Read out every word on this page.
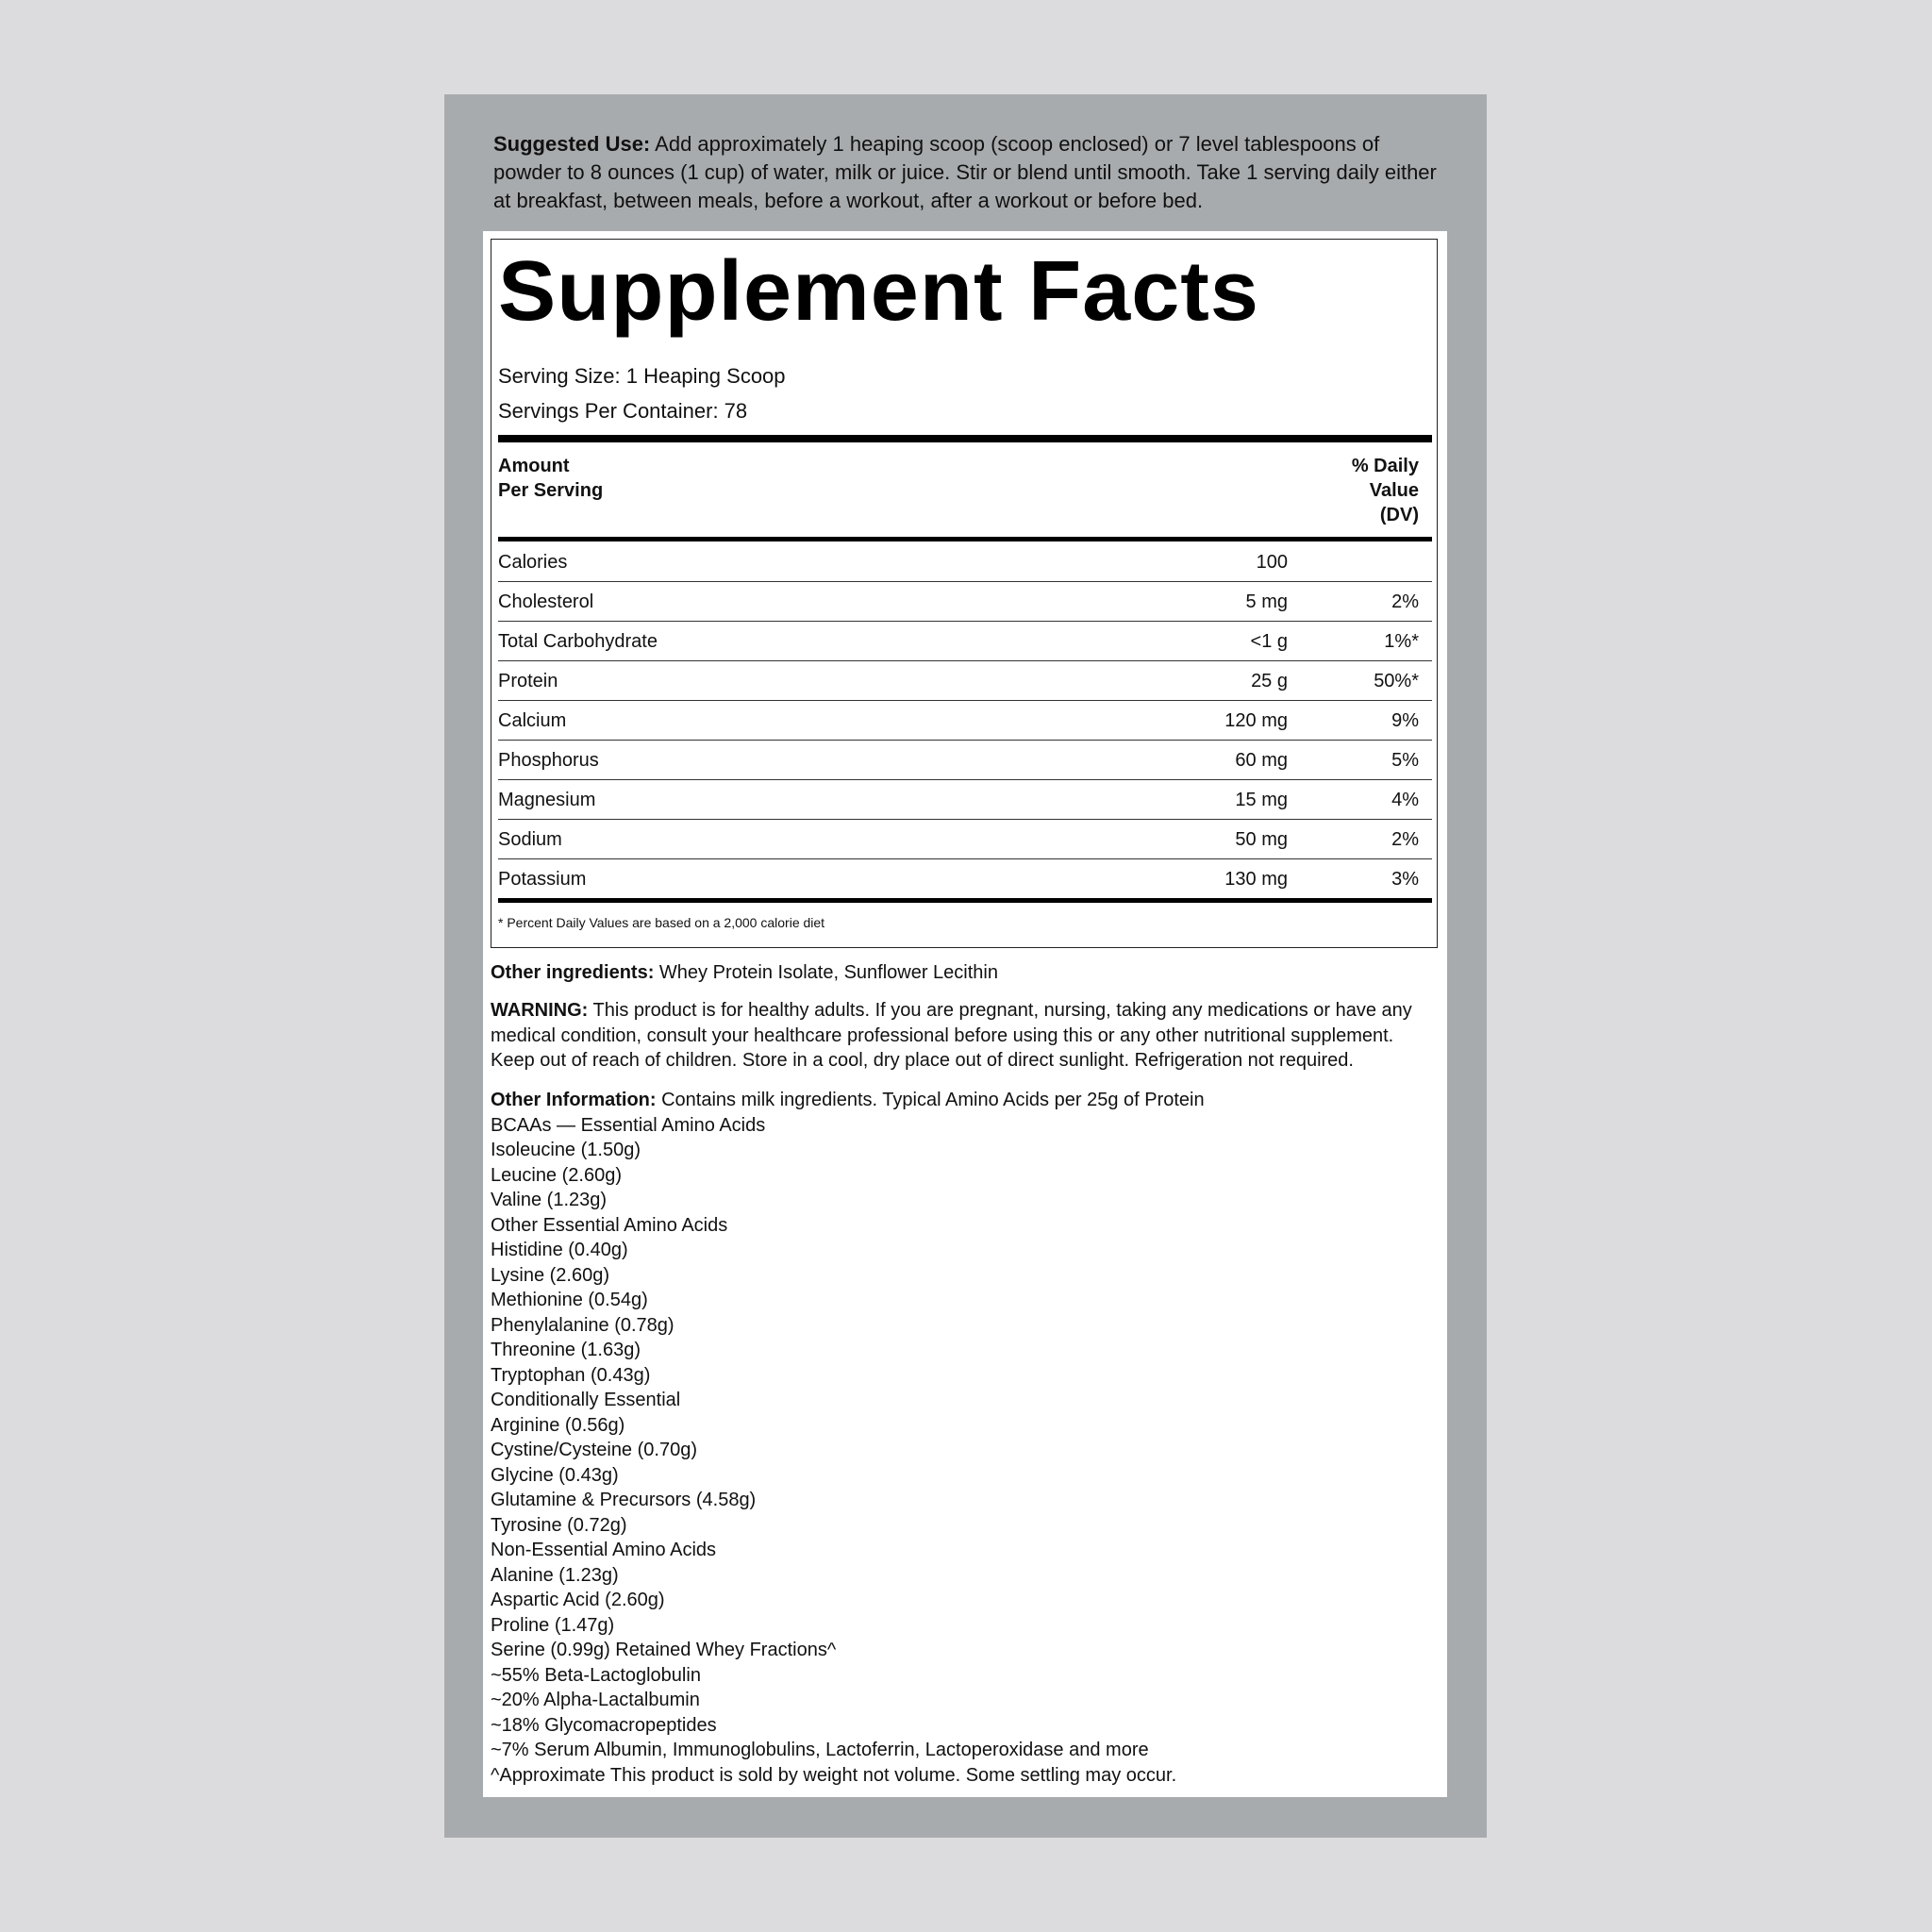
Suggested Use: Add approximately 1 heaping scoop (scoop enclosed) or 7 level tablespoons of powder to 8 ounces (1 cup) of water, milk or juice. Stir or blend until smooth. Take 1 serving daily either at breakfast, between meals, before a workout, after a workout or before bed.
Supplement Facts
Serving Size: 1 Heaping Scoop
Servings Per Container: 78
Amount
Per Serving
% Daily
Value
(DV)
Calories	100
Cholesterol	5 mg	2%
Total Carbohydrate	<1 g	1%*
Protein	25 g	50%*
Calcium	120 mg	9%
Phosphorus	60 mg	5%
Magnesium	15 mg	4%
Sodium	50 mg	2%
Potassium	130 mg	3%
* Percent Daily Values are based on a 2,000 calorie diet
Other ingredients: Whey Protein Isolate, Sunflower Lecithin
WARNING: This product is for healthy adults. If you are pregnant, nursing, taking any medications or have any medical condition, consult your healthcare professional before using this or any other nutritional supplement. Keep out of reach of children. Store in a cool, dry place out of direct sunlight. Refrigeration not required.
Other Information: Contains milk ingredients. Typical Amino Acids per 25g of Protein
BCAAs — Essential Amino Acids
Isoleucine (1.50g)
Leucine (2.60g)
Valine (1.23g)
Other Essential Amino Acids
Histidine (0.40g)
Lysine (2.60g)
Methionine (0.54g)
Phenylalanine (0.78g)
Threonine (1.63g)
Tryptophan (0.43g)
Conditionally Essential
Arginine (0.56g)
Cystine/Cysteine (0.70g)
Glycine (0.43g)
Glutamine & Precursors (4.58g)
Tyrosine (0.72g)
Non-Essential Amino Acids
Alanine (1.23g)
Aspartic Acid (2.60g)
Proline (1.47g)
Serine (0.99g) Retained Whey Fractions^
~55% Beta-Lactoglobulin
~20% Alpha-Lactalbumin
~18% Glycomacropeptides
~7% Serum Albumin, Immunoglobulins, Lactoferrin, Lactoperoxidase and more
^Approximate This product is sold by weight not volume. Some settling may occur.
